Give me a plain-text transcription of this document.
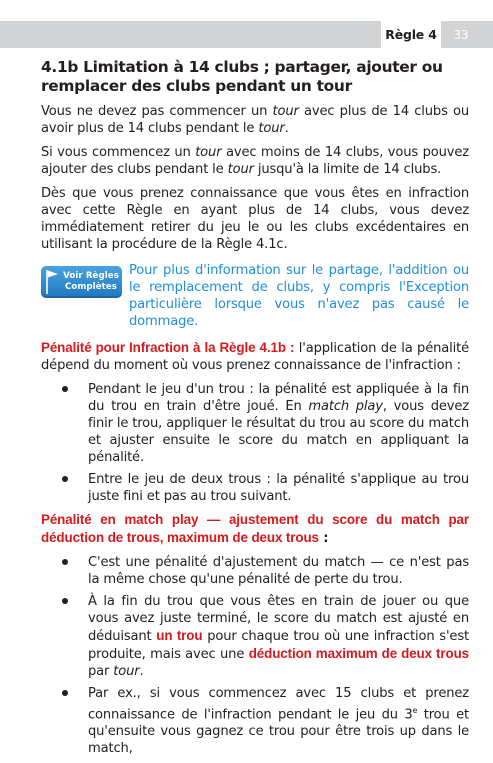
Règle 4	33
4.1b Limitation à 14 clubs ; partager, ajouter ou remplacer des clubs pendant un tour

Vous ne devez pas commencer un tour avec plus de 14 clubs ou avoir plus de 14 clubs pendant le tour.

Si vous commencez un tour avec moins de 14 clubs, vous pouvez ajouter des clubs pendant le tour jusqu'à la limite de 14 clubs.

Dès que vous prenez connaissance que vous êtes en infraction avec cette Règle en ayant plus de 14 clubs, vous devez immédiatement retirer du jeu le ou les clubs excédentaires en utilisant la procédure de la Règle 4.1c.

Voir Règles
Complètes
Pour plus d'information sur le partage, l'addition ou le remplacement de clubs, y compris l'Exception particulière lorsque vous n'avez pas causé le dommage.

Pénalité pour Infraction à la Règle 4.1b : l'application de la pénalité dépend du moment où vous prenez connaissance de l'infraction :

Pendant le jeu d'un trou : la pénalité est appliquée à la fin du trou en train d'être joué. En match play, vous devez finir le trou, appliquer le résultat du trou au score du match et ajuster ensuite le score du match en appliquant la pénalité.
Entre le jeu de deux trous : la pénalité s'applique au trou juste fini et pas au trou suivant.

Pénalité en match play — ajustement du score du match par déduction de trous, maximum de deux trous :

C'est une pénalité d'ajustement du match — ce n'est pas la même chose qu'une pénalité de perte du trou.
À la fin du trou que vous êtes en train de jouer ou que vous avez juste terminé, le score du match est ajusté en déduisant un trou pour chaque trou où une infraction s'est produite, mais avec une déduction maximum de deux trous par tour.
Par ex., si vous commencez avec 15 clubs et prenez connaissance de l'infraction pendant le jeu du 3e trou et qu'ensuite vous gagnez ce trou pour être trois up dans le match,
